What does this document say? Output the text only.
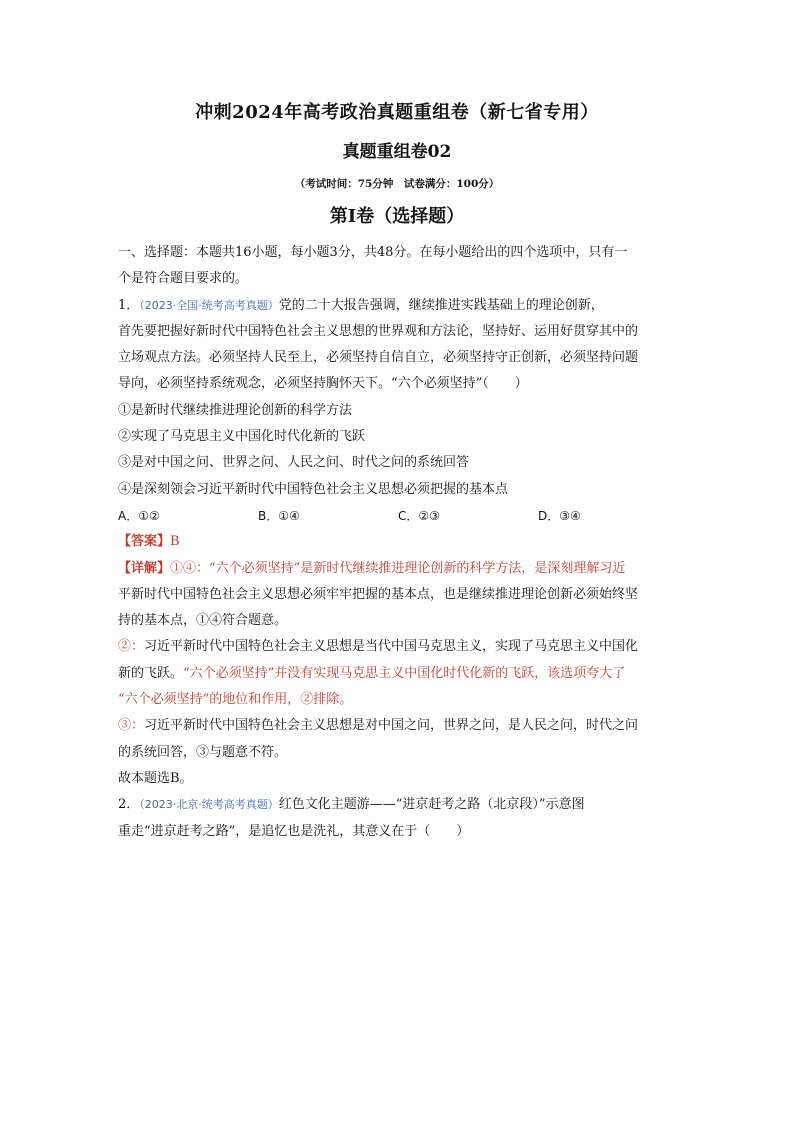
冲刺2024年高考政治真题重组卷（新七省专用）
真题重组卷02
（考试时间：75分钟　试卷满分：100分）
第I卷（选择题）
一、选择题：本题共16小题，每小题3分，共48分。在每小题给出的四个选项中，只有一
个是符合题目要求的。
1．（2023·全国·统考高考真题）党的二十大报告强调，继续推进实践基础上的理论创新，
首先要把握好新时代中国特色社会主义思想的世界观和方法论，坚持好、运用好贯穿其中的
立场观点方法。必须坚持人民至上，必须坚持自信自立，必须坚持守正创新，必须坚持问题
导向，必须坚持系统观念，必须坚持胸怀天下。“六个必须坚持”（　　）
①是新时代继续推进理论创新的科学方法
②实现了马克思主义中国化时代化新的飞跃
③是对中国之问、世界之问、人民之问、时代之问的系统回答
④是深刻领会习近平新时代中国特色社会主义思想必须把握的基本点
A．①②	B．①④	C．②③	D．③④
【答案】B
【详解】①④：“六个必须坚持”是新时代继续推进理论创新的科学方法，是深刻理解习近
平新时代中国特色社会主义思想必须牢牢把握的基本点，也是继续推进理论创新必须始终坚
持的基本点，①④符合题意。
②：习近平新时代中国特色社会主义思想是当代中国马克思主义，实现了马克思主义中国化
新的飞跃。“六个必须坚持”并没有实现马克思主义中国化时代化新的飞跃，该选项夸大了
“六个必须坚持”的地位和作用，②排除。
③：习近平新时代中国特色社会主义思想是对中国之问，世界之问，是人民之问，时代之问
的系统回答，③与题意不符。
故本题选B。
2．（2023·北京·统考高考真题）红色文化主题游——“进京赶考之路（北京段）”示意图
重走“进京赶考之路”，是追忆也是洗礼，其意义在于（　　）
